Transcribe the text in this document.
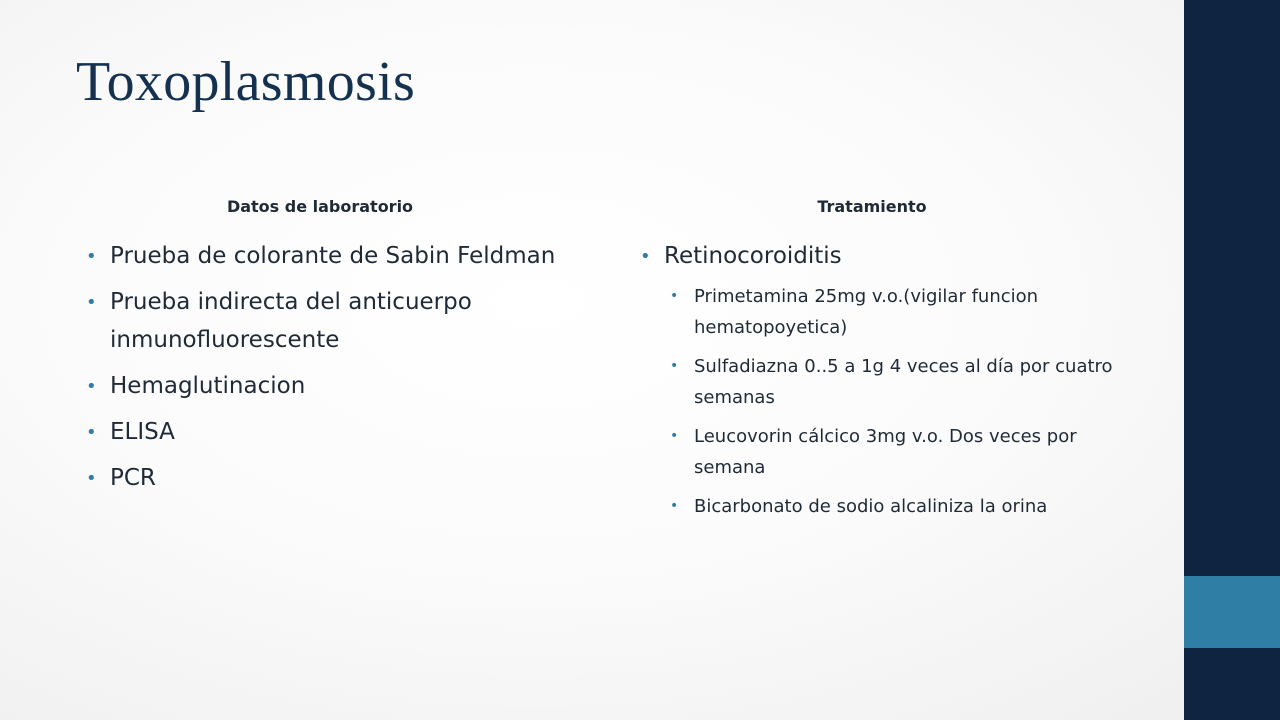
Toxoplasmosis
Datos de laboratorio	Tratamiento
• Prueba de colorante de Sabin Feldman
• Prueba indirecta del anticuerpo inmunofluorescente
• Hemaglutinacion
• ELISA
• PCR
• Retinocoroiditis
• Primetamina 25mg v.o.(vigilar funcion hematopoyetica)
• Sulfadiazna 0..5 a 1g 4 veces al día por cuatro semanas
• Leucovorin cálcico 3mg v.o. Dos veces por semana
• Bicarbonato de sodio alcaliniza la orina
